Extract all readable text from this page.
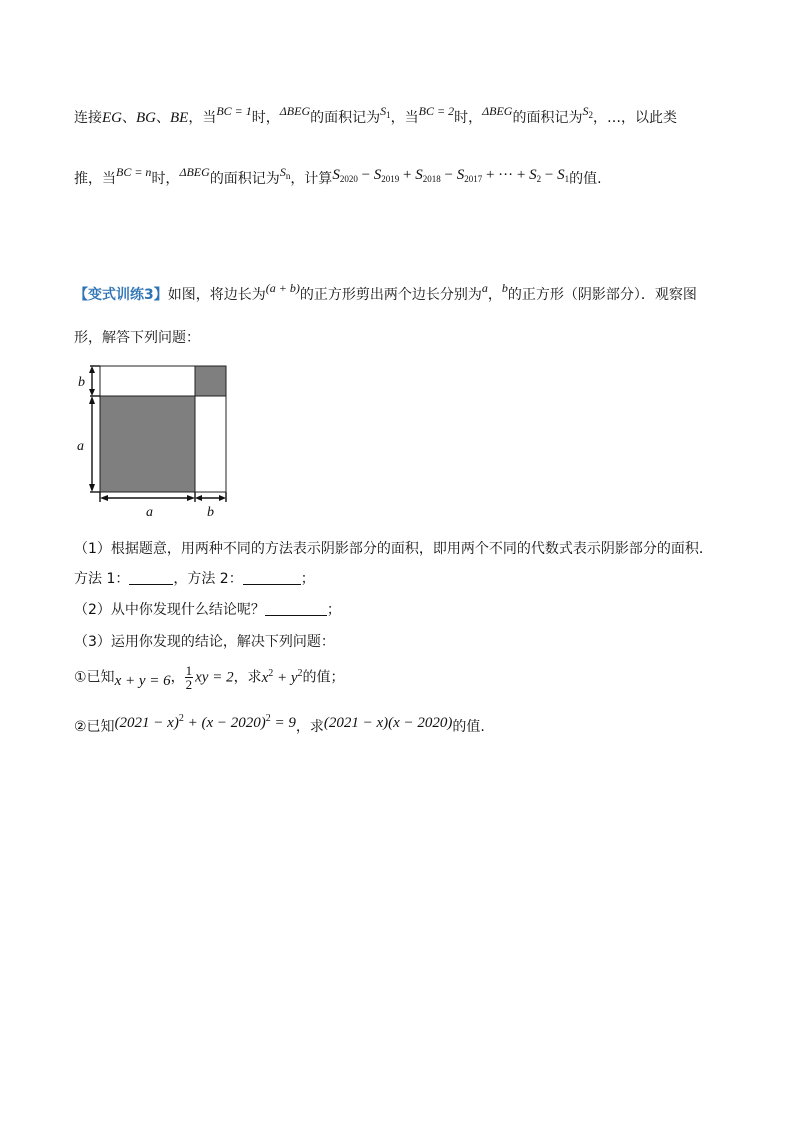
连接EG、BG、BE，当BC = 1时，ΔBEG的面积记为$S_1$，当BC = 2时，ΔBEG的面积记为$S_2$，…，以此类
推，当BC = n时，ΔBEG的面积记为$S_n$，计算$S_{2020} - S_{2019} + S_{2018} - S_{2017}$ + ··· + $S_2 - S_1$的值.
【变式训练3】如图，将边长为(a + b)的正方形剪出两个边长分别为a，b的正方形（阴影部分）．观察图
形，解答下列问题：
b
a
a	b
（1）根据题意，用两种不同的方法表示阴影部分的面积，即用两个不同的代数式表示阴影部分的面积．
方法 1：	，方法 2：	；
（2）从中你发现什么结论呢？	；
（3）运用你发现的结论，解决下列问题：
①已知x + y = 6， $\frac{1}{2}$ xy = 2，求$x^2 + y^2$的值；
②已知$(2021 - x)^2 + (x - 2020)^2 = 9$，求(2021 − x)(x − 2020)的值.
